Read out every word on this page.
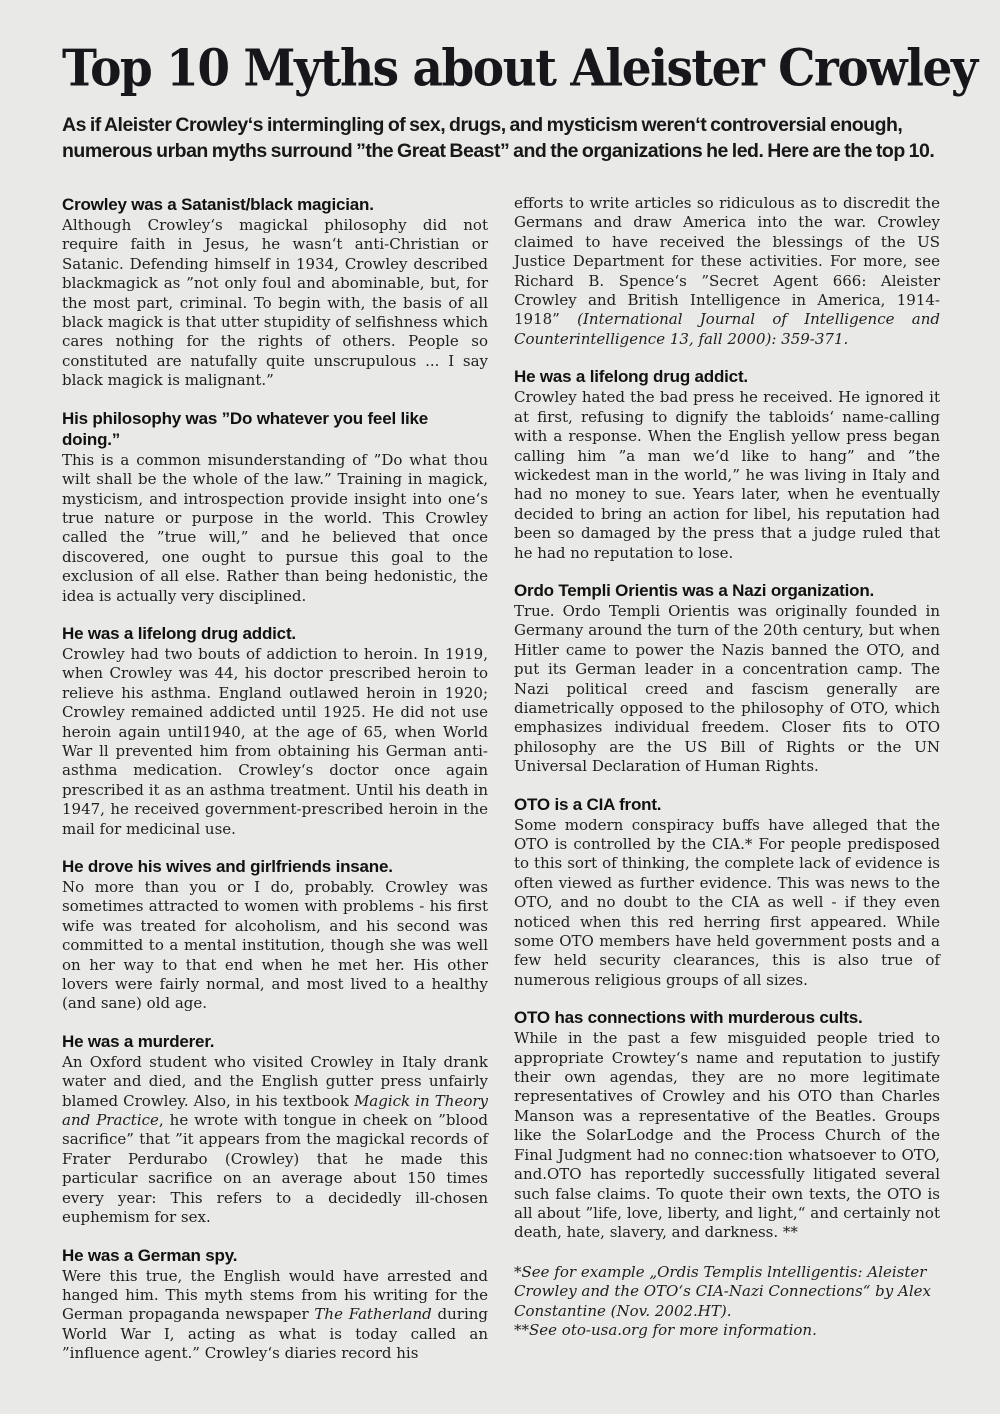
Top 10 Myths about Aleister Crowley

As if Aleister Crowley‘s intermingling of sex, drugs, and mysticism weren‘t controversial enough, numerous urban myths surround ”the Great Beast” and the organizations he led. Here are the top 10.

Crowley was a Satanist/black magician.

Although Crowley‘s magickal philosophy did not require faith in Jesus, he wasn‘t anti-Christian or Satanic. Defending himself in 1934, Crowley described blackmagick as ”not only foul and abominable, but, for the most part, criminal. To begin with, the basis of all black magick is that utter stupidity of selfishness which cares nothing for the rights of others. People so constituted are natufally quite unscrupulous ... I say black magick is malignant.”

His philosophy was ”Do whatever you feel like doing.”

This is a common misunderstanding of ”Do what thou wilt shall be the whole of the law.” Training in magick, mysticism, and introspection provide insight into one‘s true nature or purpose in the world. This Crowley called the ”true will,” and he believed that once discovered, one ought to pursue this goal to the exclusion of all else. Rather than being hedonistic, the idea is actually very disciplined.

He was a lifelong drug addict.

Crowley had two bouts of addiction to heroin. In 1919, when Crowley was 44, his doctor prescribed heroin to relieve his asthma. England outlawed heroin in 1920; Crowley remained addicted until 1925. He did not use heroin again until1940, at the age of 65, when World War ll prevented him from obtaining his German anti-asthma medication. Crowley‘s doctor once again prescribed it as an asthma treatment. Until his death in 1947, he received government-prescribed heroin in the mail for medicinal use.

He drove his wives and girlfriends insane.

No more than you or I do, probably. Crowley was sometimes attracted to women with problems - his first wife was treated for alcoholism, and his second was committed to a mental institution, though she was well on her way to that end when he met her. His other lovers were fairly normal, and most lived to a healthy (and sane) old age.

He was a murderer.

An Oxford student who visited Crowley in Italy drank water and died, and the English gutter press unfairly blamed Crowley. Also, in his textbook Magick in Theory and Practice, he wrote with tongue in cheek on ”blood sacrifice” that ”it appears from the magickal records of Frater Perdurabo (Crowley) that he made this particular sacrifice on an average about 150 times every year: This refers to a decidedly ill-chosen euphemism for sex.

He was a German spy.

Were this true, the English would have arrested and hanged him. This myth stems from his writing for the German propaganda newspaper The Fatherland during World War I, acting as what is today called an ”influence agent.” Crowley‘s diaries record his

efforts to write articles so ridiculous as to discredit the Germans and draw America into the war. Crowley claimed to have received the blessings of the US Justice Department for these activities. For more, see Richard B. Spence‘s ”Secret Agent 666: Aleister Crowley and British Intelligence in America, 1914-1918” (International Journal of Intelligence and Counterintelligence 13, fall 2000): 359-371.

He was a lifelong drug addict.

Crowley hated the bad press he received. He ignored it at first, refusing to dignify the tabloids‘ name-calling with a response. When the English yellow press began calling him ”a man we‘d like to hang” and ”the wickedest man in the world,” he was living in Italy and had no money to sue. Years later, when he eventually decided to bring an action for libel, his reputation had been so damaged by the press that a judge ruled that he had no reputation to lose.

Ordo Templi Orientis was a Nazi organization.

True. Ordo Templi Orientis was originally founded in Germany around the turn of the 20th century, but when Hitler came to power the Nazis banned the OTO, and put its German leader in a concentration camp. The Nazi political creed and fascism generally are diametrically opposed to the philosophy of OTO, which emphasizes individual freedem. Closer fits to OTO philosophy are the US Bill of Rights or the UN Universal Declaration of Human Rights.

OTO is a CIA front.

Some modern conspiracy buffs have alleged that the OTO is controlled by the CIA.* For people predisposed to this sort of thinking, the complete lack of evidence is often viewed as further evidence. This was news to the OTO, and no doubt to the CIA as well - if they even noticed when this red herring first appeared. While some OTO members have held government posts and a few held security clearances, this is also true of numerous religious groups of all sizes.

OTO has connections with murderous cults.

While in the past a few misguided people tried to appropriate Crowtey‘s name and reputation to justify their own agendas, they are no more legitimate representatives of Crowley and his OTO than Charles Manson was a representative of the Beatles. Groups like the SolarLodge and the Process Church of the Final Judgment had no connec:tion whatsoever to OTO, and.OTO has reportedly successfully litigated several such false claims. To quote their own texts, the OTO is all about ”life, love, liberty, and light,“ and certainly not death, hate, slavery, and darkness. **

*See for example „Ordis Templis lntelligentis: Aleister Crowley and the OTO‘s CIA-Nazi Connections“ by Alex Constantine (Nov. 2002.HT).

**See oto-usa.org for more information.
